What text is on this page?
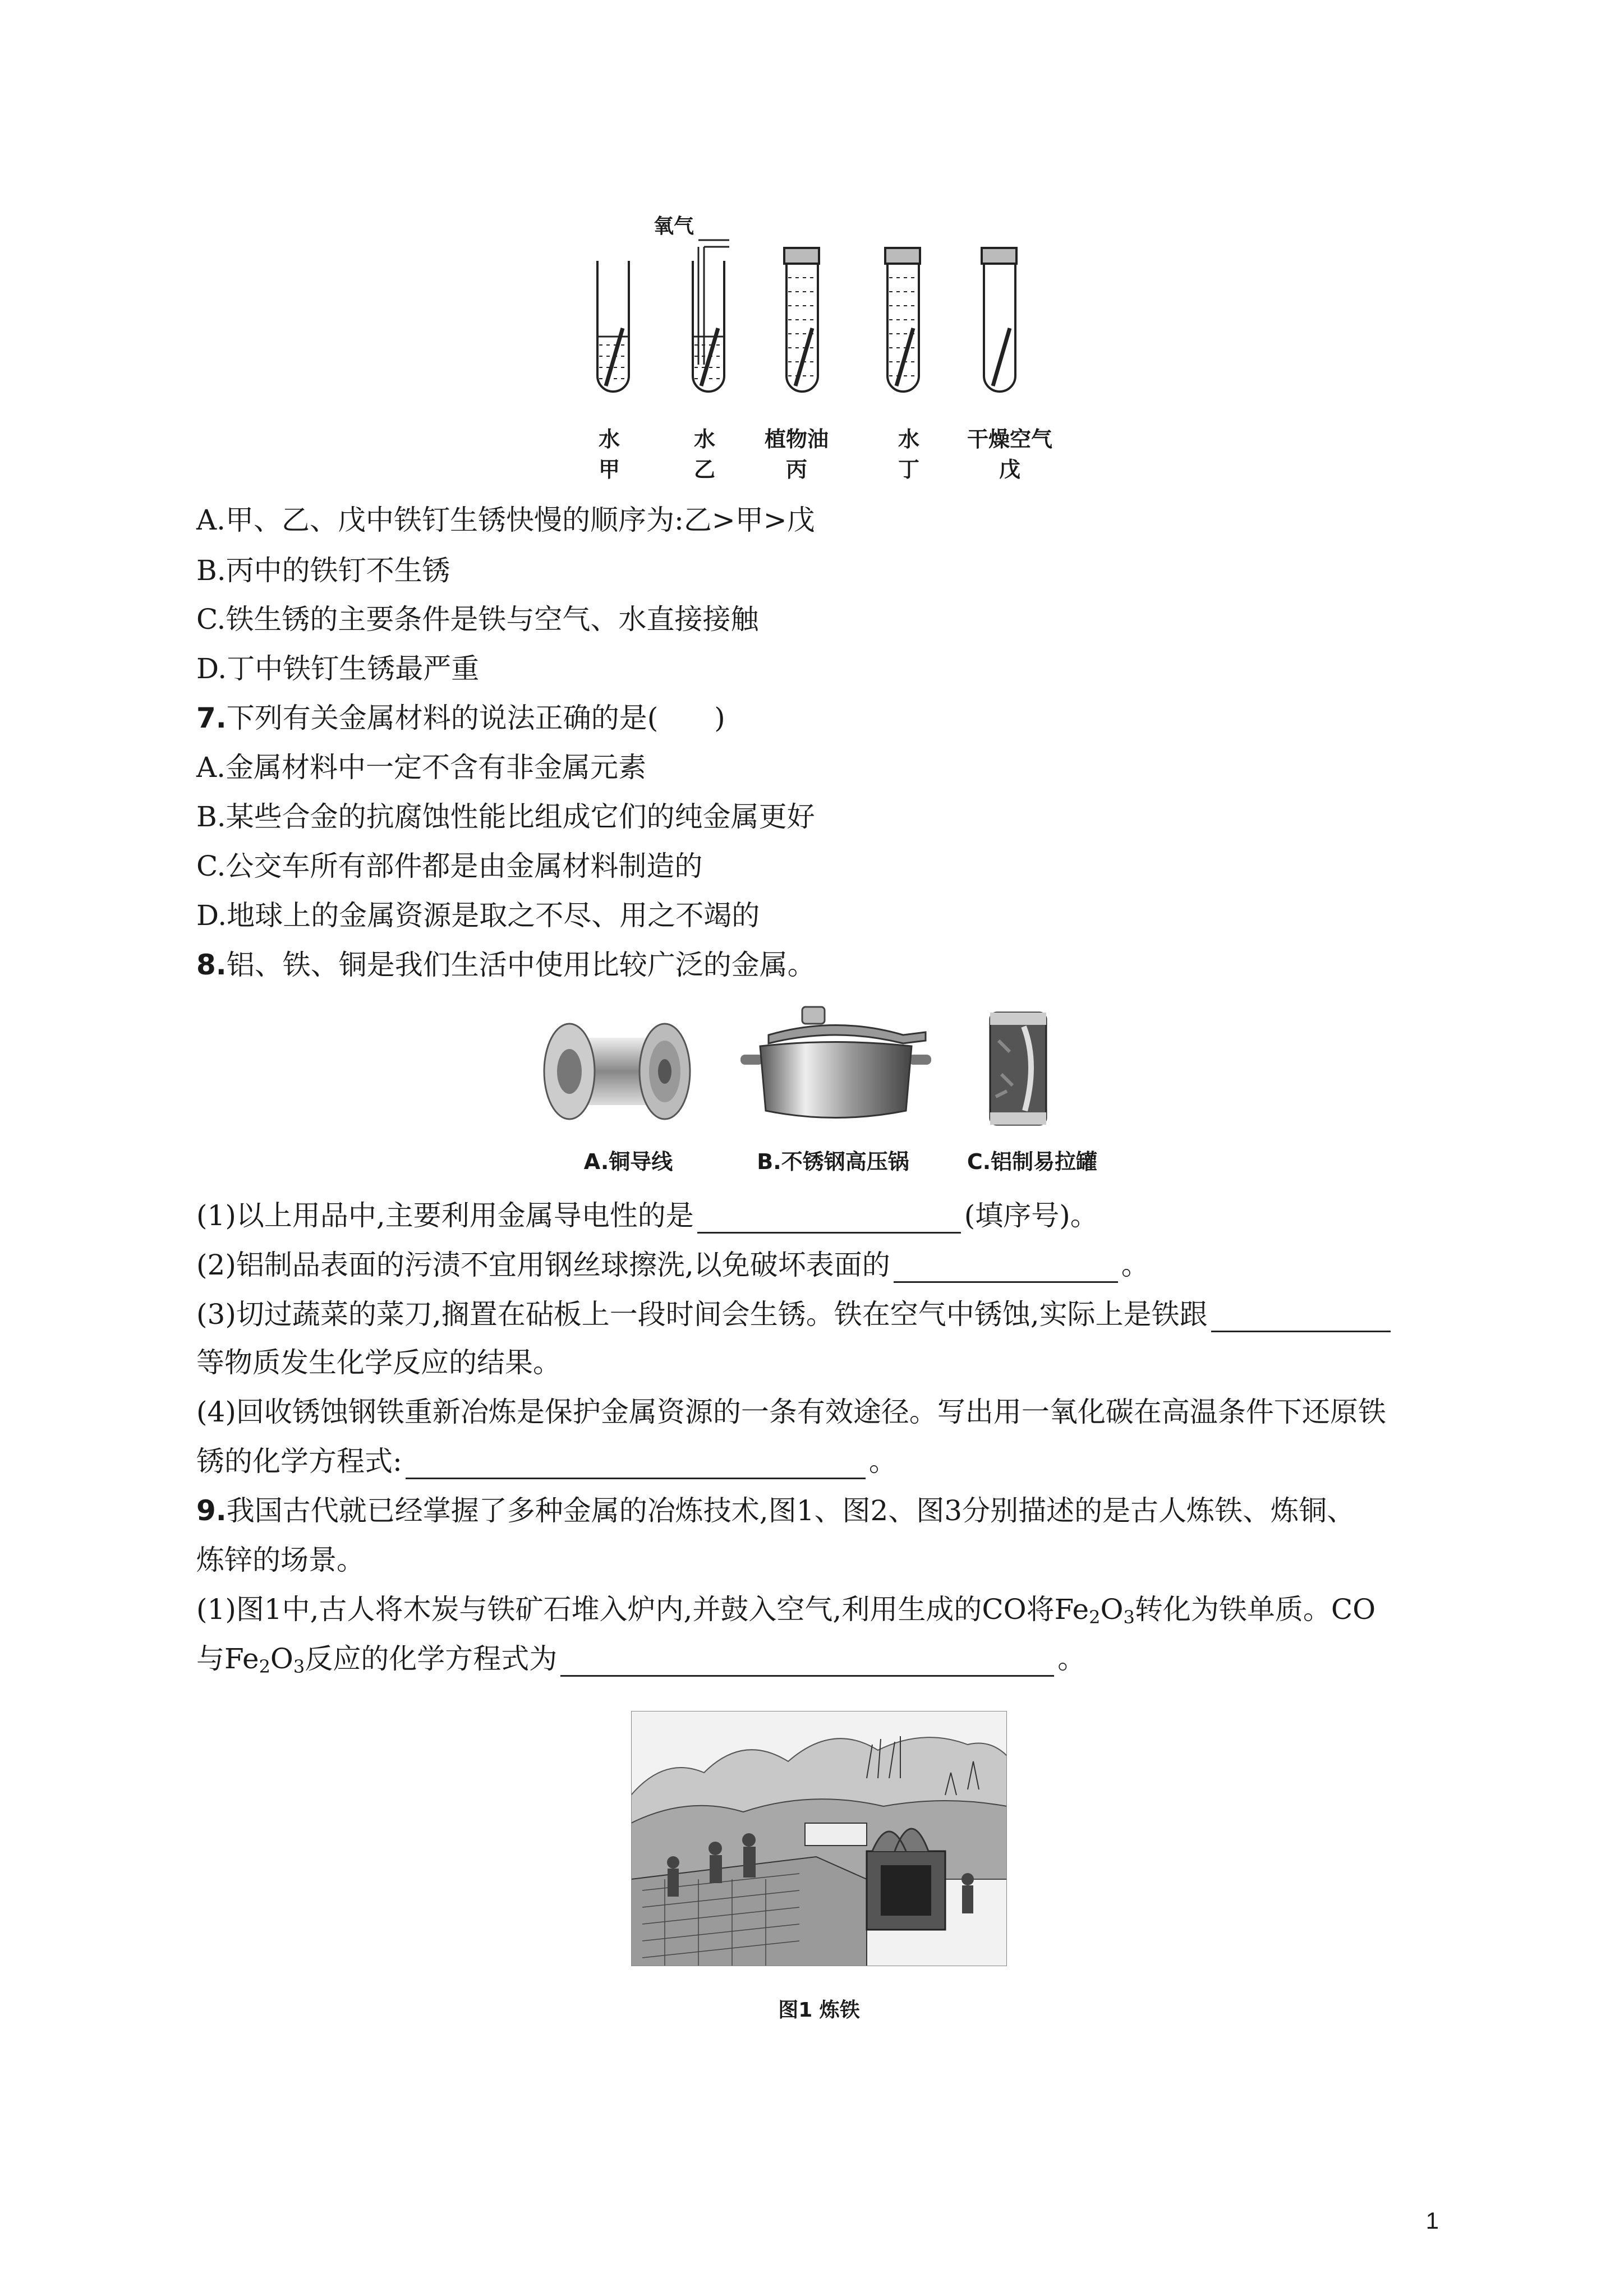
氧气
水
甲
水
乙
植物油
丙
水
丁
干燥空气
戊
A.甲、乙、戊中铁钉生锈快慢的顺序为:乙>甲>戊
B.丙中的铁钉不生锈
C.铁生锈的主要条件是铁与空气、水直接接触
D.丁中铁钉生锈最严重
7.下列有关金属材料的说法正确的是(　　)
A.金属材料中一定不含有非金属元素
B.某些合金的抗腐蚀性能比组成它们的纯金属更好
C.公交车所有部件都是由金属材料制造的
D.地球上的金属资源是取之不尽、用之不竭的
8.铝、铁、铜是我们生活中使用比较广泛的金属。
A.铜导线	B.不锈钢高压锅	C.铝制易拉罐
(1)以上用品中,主要利用金属导电性的是	(填序号)。
(2)铝制品表面的污渍不宜用钢丝球擦洗,以免破坏表面的	。
(3)切过蔬菜的菜刀,搁置在砧板上一段时间会生锈。铁在空气中锈蚀,实际上是铁跟
等物质发生化学反应的结果。
(4)回收锈蚀钢铁重新冶炼是保护金属资源的一条有效途径。写出用一氧化碳在高温条件下还原铁
锈的化学方程式:	。
9.我国古代就已经掌握了多种金属的冶炼技术,图1、图2、图3分别描述的是古人炼铁、炼铜、
炼锌的场景。
(1)图1中,古人将木炭与铁矿石堆入炉内,并鼓入空气,利用生成的CO将$Fe_2O_3$转化为铁单质。CO
与$Fe_2O_3$反应的化学方程式为	。
图1 炼铁
1
